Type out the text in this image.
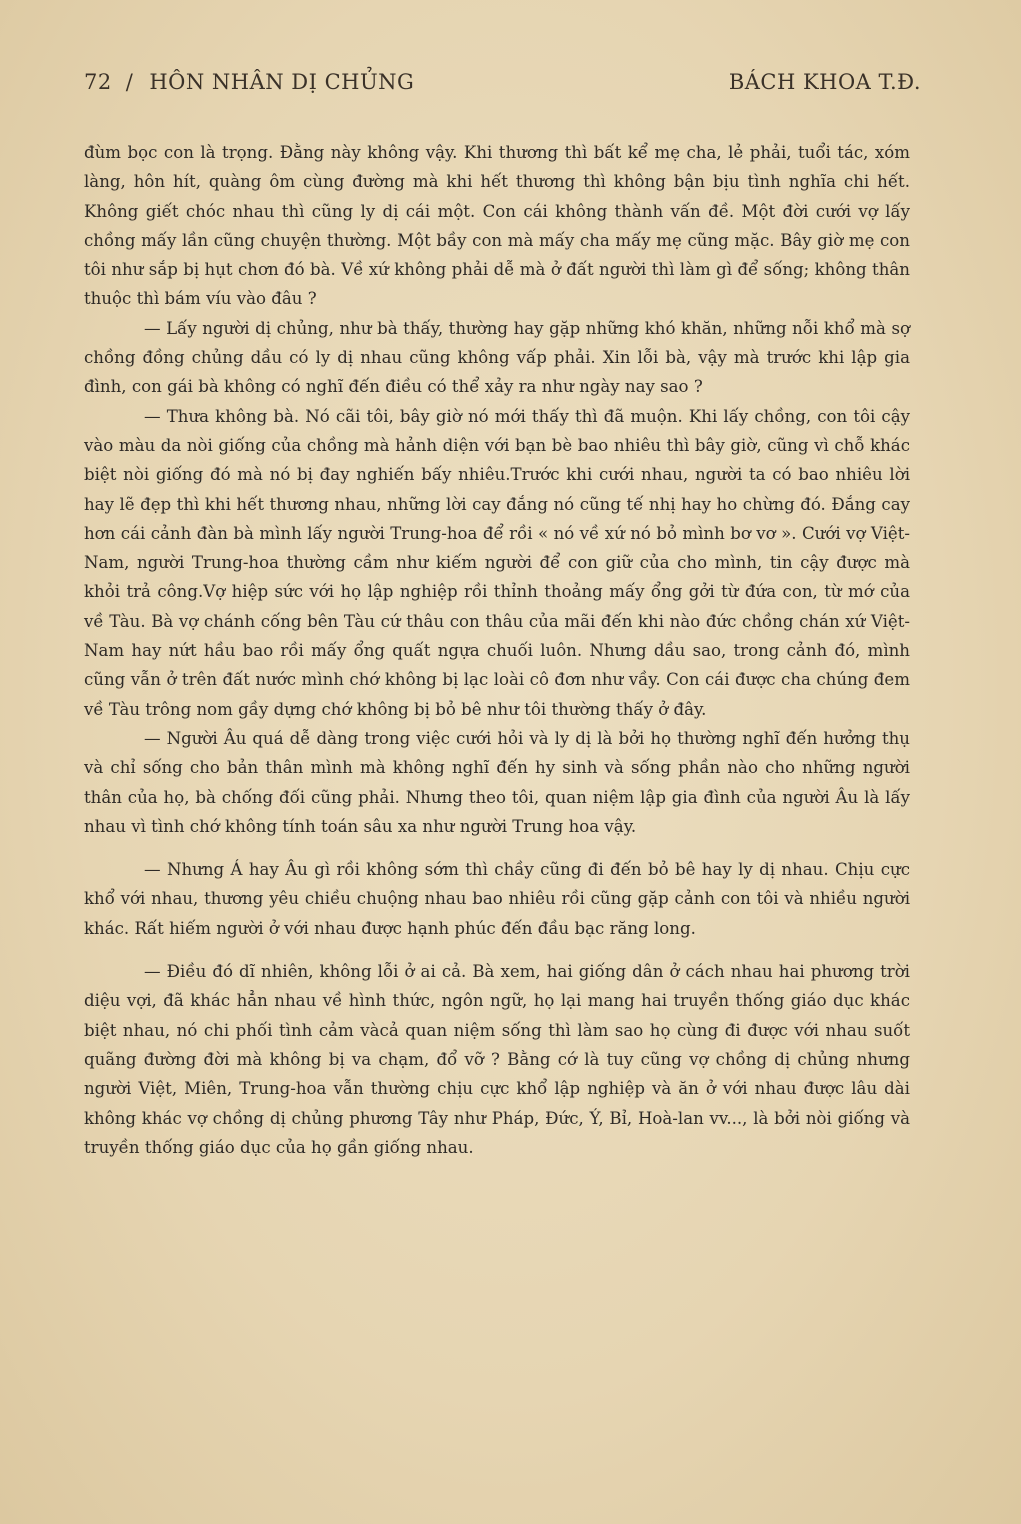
72 / HÔN NHÂN DỊ CHỦNG	BÁCH KHOA T.Đ.

đùm bọc con là trọng. Đằng này không vậy. Khi thương thì bất kể mẹ cha, lẻ phải, tuổi tác, xóm làng, hôn hít, quàng ôm cùng đường mà khi hết thương thì không bận bịu tình nghĩa chi hết. Không giết chóc nhau thì cũng ly dị cái một. Con cái không thành vấn đề. Một đời cưới vợ lấy chồng mấy lần cũng chuyện thường. Một bầy con mà mấy cha mấy mẹ cũng mặc. Bây giờ mẹ con tôi như sắp bị hụt chơn đó bà. Về xứ không phải dễ mà ở đất người thì làm gì để sống; không thân thuộc thì bám víu vào đâu ?

— Lấy người dị chủng, như bà thấy, thường hay gặp những khó khăn, những nỗi khổ mà sợ chồng đồng chủng dầu có ly dị nhau cũng không vấp phải. Xin lỗi bà, vậy mà trước khi lập gia đình, con gái bà không có nghĩ đến điều có thể xảy ra như ngày nay sao ?

— Thưa không bà. Nó cãi tôi, bây giờ nó mới thấy thì đã muộn. Khi lấy chồng, con tôi cậy vào màu da nòi giống của chồng mà hảnh diện với bạn bè bao nhiêu thì bây giờ, cũng vì chỗ khác biệt nòi giống đó mà nó bị đay nghiến bấy nhiêu.Trước khi cưới nhau, người ta có bao nhiêu lời hay lẽ đẹp thì khi hết thương nhau, những lời cay đắng nó cũng tế nhị hay ho chừng đó. Đắng cay hơn cái cảnh đàn bà mình lấy người Trung-hoa để rồi « nó về xứ nó bỏ mình bơ vơ ». Cưới vợ Việt-Nam, người Trung-hoa thường cầm như kiếm người để con giữ của cho mình, tin cậy được mà khỏi trả công.Vợ hiệp sức với họ lập nghiệp rồi thỉnh thoảng mấy ổng gởi từ đứa con, từ mớ của về Tàu. Bà vợ chánh cống bên Tàu cứ thâu con thâu của mãi đến khi nào đức chồng chán xứ Việt-Nam hay nứt hầu bao rồi mấy ổng quất ngựa chuối luôn. Nhưng dầu sao, trong cảnh đó, mình cũng vẫn ở trên đất nước mình chớ không bị lạc loài cô đơn như vầy. Con cái được cha chúng đem về Tàu trông nom gầy dựng chớ không bị bỏ bê như tôi thường thấy ở đây.

— Người Âu quá dễ dàng trong việc cưới hỏi và ly dị là bởi họ thường nghĩ đến hưởng thụ và chỉ sống cho bản thân mình mà không nghĩ đến hy sinh và sống phần nào cho những người thân của họ, bà chống đối cũng phải. Nhưng theo tôi, quan niệm lập gia đình của người Âu là lấy nhau vì tình chớ không tính toán sâu xa như người Trung hoa vậy.

— Nhưng Á hay Âu gì rồi không sớm thì chầy cũng đi đến bỏ bê hay ly dị nhau. Chịu cực khổ với nhau, thương yêu chiều chuộng nhau bao nhiêu rồi cũng gặp cảnh con tôi và nhiều người khác. Rất hiếm người ở với nhau được hạnh phúc đến đầu bạc răng long.

— Điều đó dĩ nhiên, không lỗi ở ai cả. Bà xem, hai giống dân ở cách nhau hai phương trời diệu vợi, đã khác hẳn nhau về hình thức, ngôn ngữ, họ lại mang hai truyền thống giáo dục khác biệt nhau, nó chi phối tình cảm vàcả quan niệm sống thì làm sao họ cùng đi được với nhau suốt quãng đường đời mà không bị va chạm, đổ vỡ ? Bằng cớ là tuy cũng vợ chồng dị chủng nhưng người Việt, Miên, Trung-hoa vẫn thường chịu cực khổ lập nghiệp và ăn ở với nhau được lâu dài không khác vợ chồng dị chủng phương Tây như Pháp, Đức, Ý, Bỉ, Hoà-lan vv..., là bởi nòi giống và truyền thống giáo dục của họ gần giống nhau.
